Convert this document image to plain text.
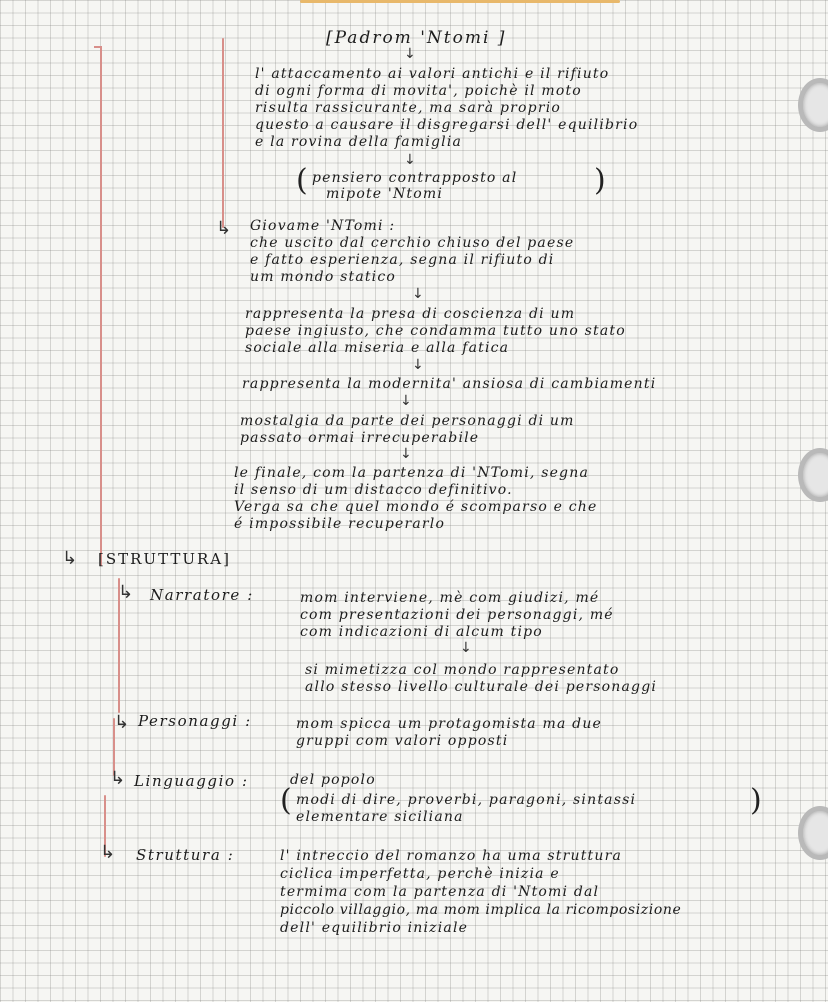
[Padrom 'Ntomi ]
↓
l' attaccamento ai valori antichi e il rifiuto
di ogni forma di movita', poichè il moto
risulta rassicurante, ma sarà proprio
questo a causare il disgregarsi dell' equilibrio
e la rovina della famiglia
↓
( pensiero contrapposto al
mipote 'Ntomi	)
↳ Giovame 'NTomi :
che uscito dal cerchio chiuso del paese
e fatto esperienza, segna il rifiuto di
um mondo statico
↓
rappresenta la presa di coscienza di um
paese ingiusto, che condamma tutto uno stato
sociale alla miseria e alla fatica
↓
rappresenta la modernita' ansiosa di cambiamenti
↓
mostalgia da parte dei personaggi di um
passato ormai irrecuperabile
↓
le finale, com la partenza di 'NTomi, segna
il senso di um distacco definitivo.
Verga sa che quel mondo é scomparso e che
é impossibile recuperarlo
↳ [STRUTTURA]
↳ Narratore :	mom interviene, mè com giudizi, mé
com presentazioni dei personaggi, mé
com indicazioni di alcum tipo
↓
si mimetizza col mondo rappresentato
allo stesso livello culturale dei personaggi
↳ Personaggi :	mom spicca um protagomista ma due
gruppi com valori opposti
↳ Linguaggio :	del popolo
( modi di dire, proverbi, paragoni, sintassi
elementare siciliana	)
↳ Struttura :	l' intreccio del romanzo ha uma struttura
ciclica imperfetta, perchè inizia e
termima com la partenza di 'Ntomi dal
piccolo villaggio, ma mom implica la ricomposizione
dell' equilibrio iniziale
